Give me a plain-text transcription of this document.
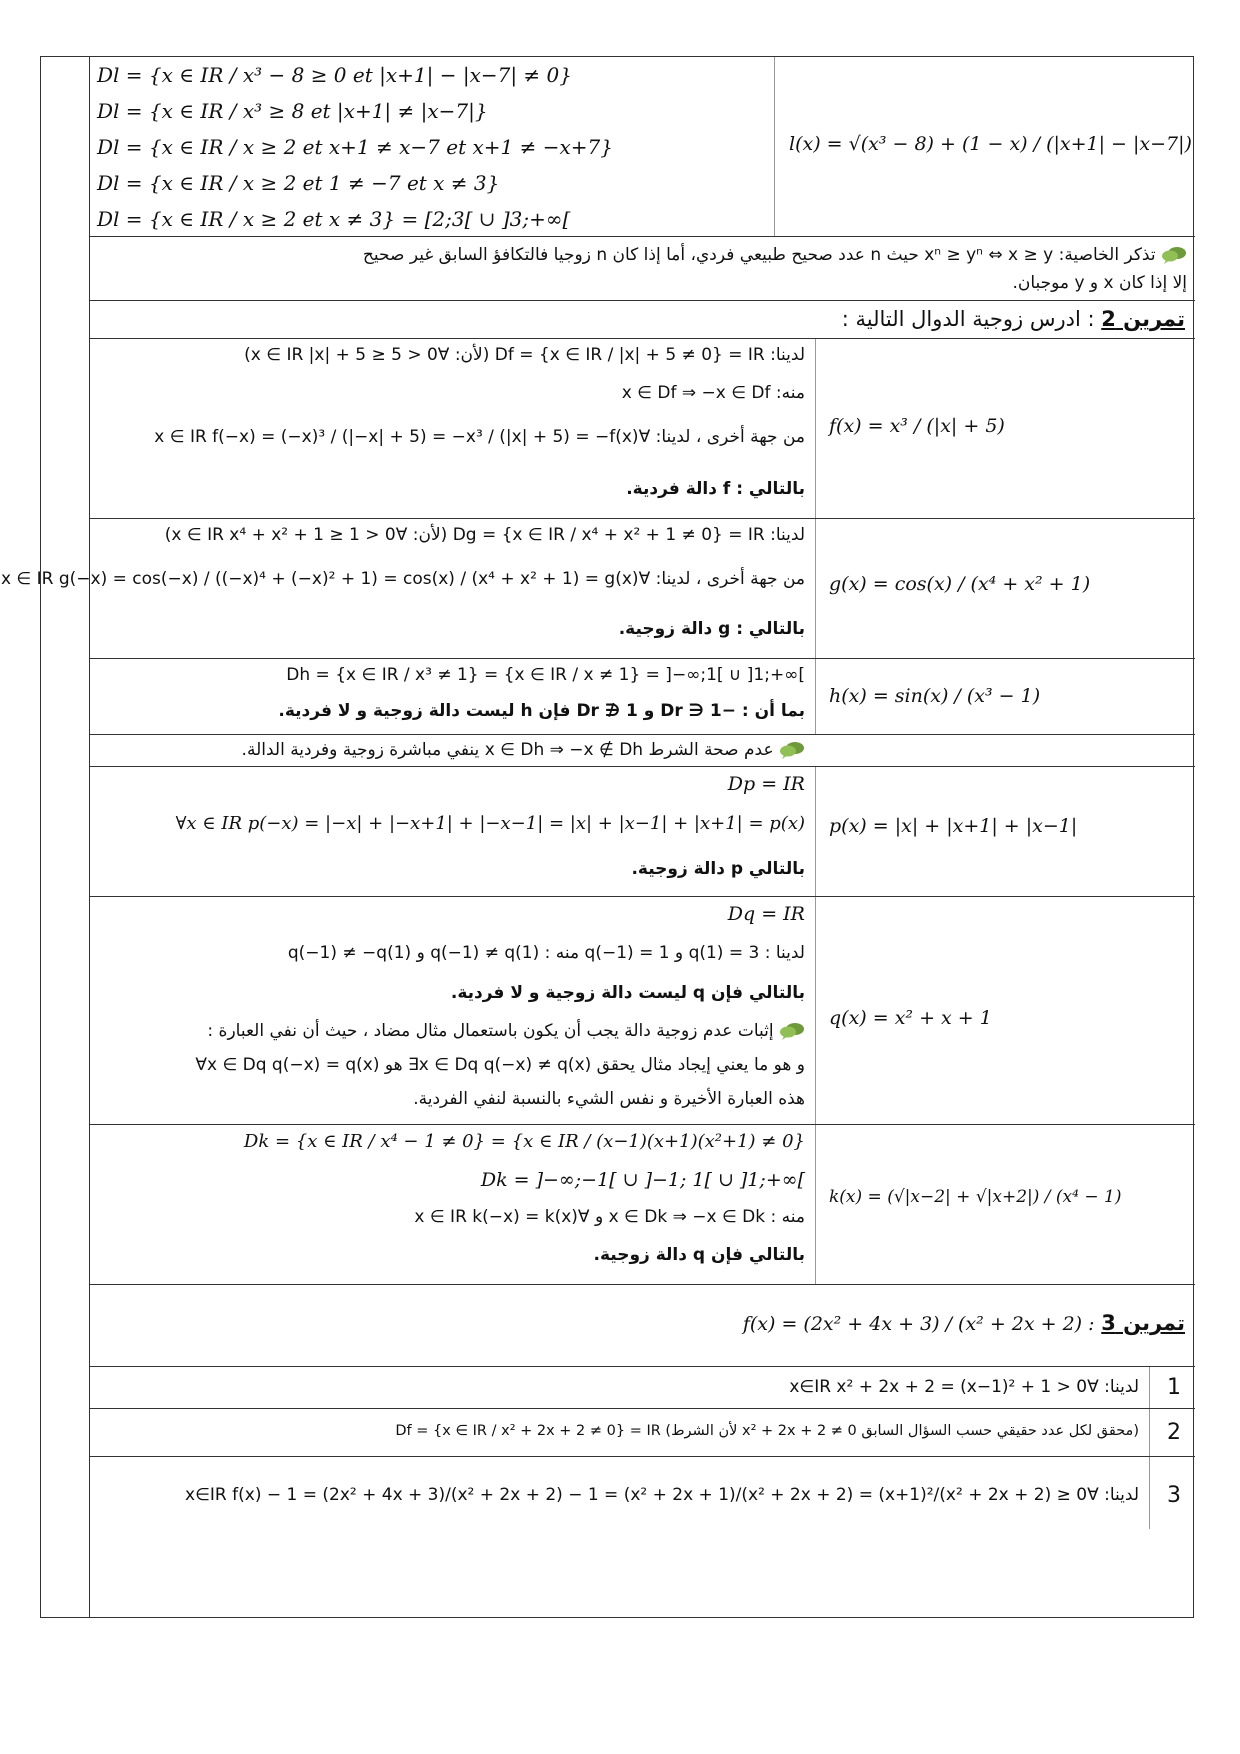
Dl = {x ∈ IR / x³ − 8 ≥ 0 et |x+1| − |x−7| ≠ 0}
Dl = {x ∈ IR / x³ ≥ 8 et |x+1| ≠ |x−7|}
Dl = {x ∈ IR / x ≥ 2 et x+1 ≠ x−7 et x+1 ≠ −x+7}
Dl = {x ∈ IR / x ≥ 2 et 1 ≠ −7 et x ≠ 3}
Dl = {x ∈ IR / x ≥ 2 et x ≠ 3} = [2;3[ ∪ ]3;+∞[
l(x) = √(x³ − 8) + (1 − x) / (|x+1| − |x−7|)
تذكر الخاصية: xⁿ ≥ yⁿ ⇔ x ≥ y حيث n عدد صحيح طبيعي فردي، أما إذا كان n زوجيا فالتكافؤ السابق غير صحيح
إلا إذا كان x و y موجبان.
تمرين 2 : ادرس زوجية الدوال التالية :
لدينا: Df = {x ∈ IR / |x| + 5 ≠ 0} = IR (لأن: ∀x ∈ IR |x| + 5 ≥ 5 > 0)
منه: x ∈ Df ⇒ −x ∈ Df
من جهة أخرى ، لدينا: ∀x ∈ IR f(−x) = (−x)³ / (|−x| + 5) = −x³ / (|x| + 5) = −f(x)
بالتالي : f دالة فردية.
f(x) = x³ / (|x| + 5)
لدينا: Dg = {x ∈ IR / x⁴ + x² + 1 ≠ 0} = IR (لأن: ∀x ∈ IR x⁴ + x² + 1 ≥ 1 > 0)
من جهة أخرى ، لدينا: ∀x ∈ IR g(−x) = cos(−x) / ((−x)⁴ + (−x)² + 1) = cos(x) / (x⁴ + x² + 1) = g(x)
بالتالي : g دالة زوجية.
g(x) = cos(x) / (x⁴ + x² + 1)
Dh = {x ∈ IR / x³ ≠ 1} = {x ∈ IR / x ≠ 1} = ]−∞;1[ ∪ ]1;+∞[
بما أن : −1 ∈ Dr و 1 ∉ Dr فإن h ليست دالة زوجية و لا فردية.
h(x) = sin(x) / (x³ − 1)
عدم صحة الشرط x ∈ Dh ⇒ −x ∉ Dh ينفي مباشرة زوجية وفردية الدالة.
Dp = IR
∀x ∈ IR p(−x) = |−x| + |−x+1| + |−x−1| = |x| + |x−1| + |x+1| = p(x)
بالتالي p دالة زوجية.
p(x) = |x| + |x+1| + |x−1|
Dq = IR
لدينا : q(1) = 3 و q(−1) = 1 منه : q(−1) ≠ q(1) و q(−1) ≠ −q(1)
بالتالي فإن q ليست دالة زوجية و لا فردية.
إثبات عدم زوجية دالة يجب أن يكون باستعمال مثال مضاد ، حيث أن نفي العبارة :
∀x ∈ Dq q(−x) = q(x) هو ∃x ∈ Dq q(−x) ≠ q(x) و هو ما يعني إيجاد مثال يحقق
هذه العبارة الأخيرة و نفس الشيء بالنسبة لنفي الفردية.
q(x) = x² + x + 1
Dk = {x ∈ IR / x⁴ − 1 ≠ 0} = {x ∈ IR / (x−1)(x+1)(x²+1) ≠ 0}
Dk = ]−∞;−1[ ∪ ]−1; 1[ ∪ ]1;+∞[
منه : x ∈ Dk ⇒ −x ∈ Dk و ∀x ∈ IR k(−x) = k(x)
بالتالي فإن q دالة زوجية.
k(x) = (√|x−2| + √|x+2|) / (x⁴ − 1)
تمرين 3 : f(x) = (2x² + 4x + 3) / (x² + 2x + 2)
1
لدينا: ∀x∈IR x² + 2x + 2 = (x−1)² + 1 > 0
2
Df = {x ∈ IR / x² + 2x + 2 ≠ 0} = IR (لأن الشرط x² + 2x + 2 ≠ 0 محقق لكل عدد حقيقي حسب السؤال السابق)
3
لدينا: ∀x∈IR f(x) − 1 = (2x² + 4x + 3)/(x² + 2x + 2) − 1 = (x² + 2x + 1)/(x² + 2x + 2) = (x+1)²/(x² + 2x + 2) ≥ 0
